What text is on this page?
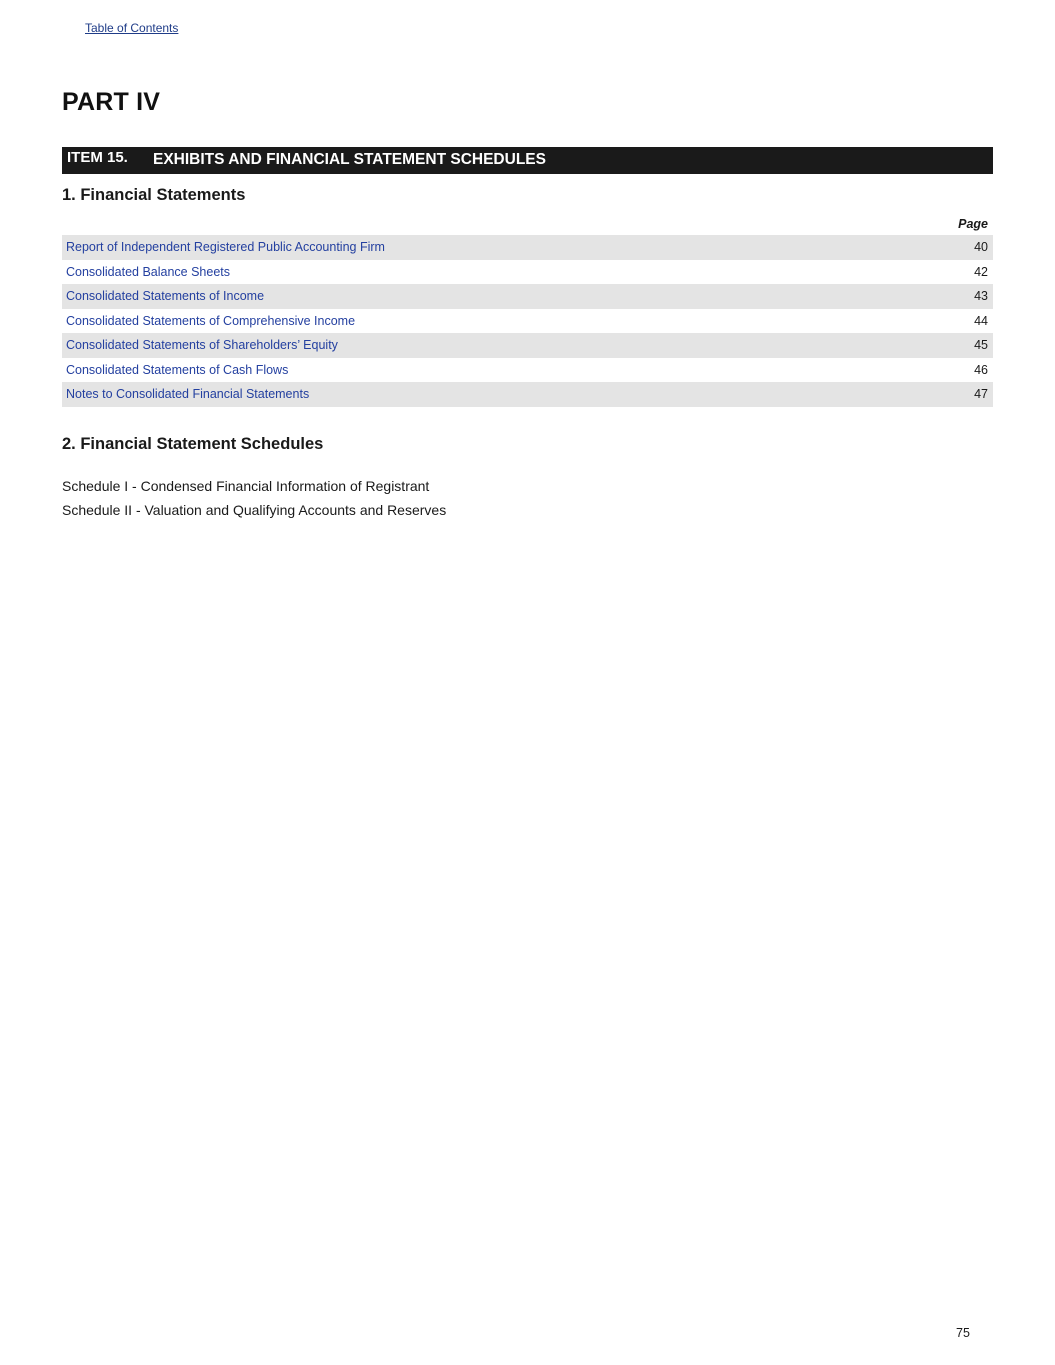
Table of Contents
PART IV
ITEM 15. EXHIBITS AND FINANCIAL STATEMENT SCHEDULES
1. Financial Statements
Page
Report of Independent Registered Public Accounting Firm	40
Consolidated Balance Sheets	42
Consolidated Statements of Income	43
Consolidated Statements of Comprehensive Income	44
Consolidated Statements of Shareholders’ Equity	45
Consolidated Statements of Cash Flows	46
Notes to Consolidated Financial Statements	47
2. Financial Statement Schedules
Schedule I - Condensed Financial Information of Registrant
Schedule II - Valuation and Qualifying Accounts and Reserves
75
